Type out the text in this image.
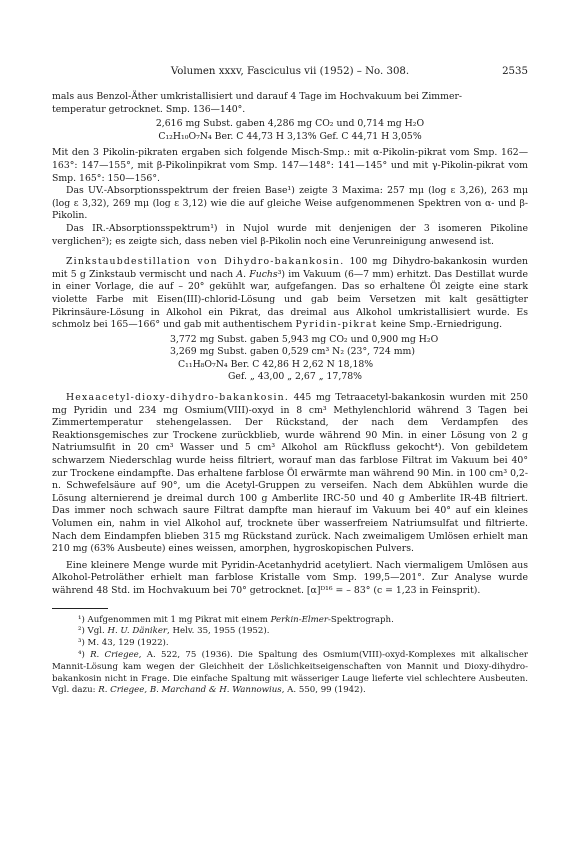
Volumen xxxv, Fasciculus vii (1952) – No. 308.	2535

mals aus Benzol-Äther umkristallisiert und darauf 4 Tage im Hochvakuum bei Zimmer-

temperatur getrocknet. Smp. 136—140°.

2,616 mg Subst. gaben 4,286 mg CO₂ und 0,714 mg H₂O
C₁₂H₁₀O₇N₄ Ber. C 44,73 H 3,13% Gef. C 44,71 H 3,05%

Mit den 3 Pikolin-pikraten ergaben sich folgende Misch-Smp.: mit α-Pikolin-pikrat vom Smp. 162—163°: 147—155°, mit β-Pikolinpikrat vom Smp. 147—148°: 141—145° und mit γ-Pikolin-pikrat vom Smp. 165°: 150—156°.

Das UV.-Absorptionsspektrum der freien Base¹) zeigte 3 Maxima: 257 mμ (log ε 3,26), 263 mμ (log ε 3,32), 269 mμ (log ε 3,12) wie die auf gleiche Weise aufgenommenen Spektren von α- und β-Pikolin.

Das IR.-Absorptionsspektrum¹) in Nujol wurde mit denjenigen der 3 isomeren Pikoline verglichen²); es zeigte sich, dass neben viel β-Pikolin noch eine Verunreinigung anwesend ist.

Zinkstaubdestillation von Dihydro-bakankosin. 100 mg Dihydro-bakankosin wurden mit 5 g Zinkstaub vermischt und nach A. Fuchs³) im Vakuum (6—7 mm) erhitzt. Das Destillat wurde in einer Vorlage, die auf – 20° gekühlt war, aufgefangen. Das so erhaltene Öl zeigte eine stark violette Farbe mit Eisen(III)-chlorid-Lösung und gab beim Versetzen mit kalt gesättigter Pikrinsäure-Lösung in Alkohol ein Pikrat, das dreimal aus Alkohol umkristallisiert wurde. Es schmolz bei 165—166° und gab mit authentischem Pyridin-pikrat keine Smp.-Erniedrigung.

3,772 mg Subst. gaben 5,943 mg CO₂ und 0,900 mg H₂O
3,269 mg Subst. gaben 0,529 cm³ N₂ (23°, 724 mm)
C₁₁H₈O₇N₄ Ber. C 42,86 H 2,62 N 18,18%
Gef. „ 43,00 „ 2,67 „ 17,78%

Hexaacetyl-dioxy-dihydro-bakankosin. 445 mg Tetraacetyl-bakankosin wurden mit 250 mg Pyridin und 234 mg Osmium(VIII)-oxyd in 8 cm³ Methylenchlorid während 3 Tagen bei Zimmertemperatur stehengelassen. Der Rückstand, der nach dem Verdampfen des Reaktionsgemisches zur Trockene zurückblieb, wurde während 90 Min. in einer Lösung von 2 g Natriumsulfit in 20 cm³ Wasser und 5 cm³ Alkohol am Rückfluss gekocht⁴). Von gebildetem schwarzem Niederschlag wurde heiss filtriert, worauf man das farblose Filtrat im Vakuum bei 40° zur Trockene eindampfte. Das erhaltene farblose Öl erwärmte man während 90 Min. in 100 cm³ 0,2-n. Schwefelsäure auf 90°, um die Acetyl-Gruppen zu verseifen. Nach dem Abkühlen wurde die Lösung alternierend je dreimal durch 100 g Amberlite IRC-50 und 40 g Amberlite IR-4B filtriert. Das immer noch schwach saure Filtrat dampfte man hierauf im Vakuum bei 40° auf ein kleines Volumen ein, nahm in viel Alkohol auf, trocknete über wasserfreiem Natriumsulfat und filtrierte. Nach dem Eindampfen blieben 315 mg Rückstand zurück. Nach zweimaligem Umlösen erhielt man 210 mg (63% Ausbeute) eines weissen, amorphen, hygroskopischen Pulvers.

Eine kleinere Menge wurde mit Pyridin-Acetanhydrid acetyliert. Nach viermaligem Umlösen aus Alkohol-Petroläther erhielt man farblose Kristalle vom Smp. 199,5—201°. Zur Analyse wurde während 48 Std. im Hochvakuum bei 70° getrocknet. [α]ᴰ¹⁶ = – 83° (c = 1,23 in Feinsprit).

¹) Aufgenommen mit 1 mg Pikrat mit einem Perkin-Elmer-Spektrograph.

²) Vgl. H. U. Däniker, Helv. 35, 1955 (1952).

³) M. 43, 129 (1922).

⁴) R. Criegee, A. 522, 75 (1936). Die Spaltung des Osmium(VIII)-oxyd-Komplexes mit alkalischer Mannit-Lösung kam wegen der Gleichheit der Löslichkeitseigenschaften von Mannit und Dioxy-dihydro-bakankosin nicht in Frage. Die einfache Spaltung mit wässeriger Lauge lieferte viel schlechtere Ausbeuten. Vgl. dazu: R. Criegee, B. Marchand & H. Wannowius, A. 550, 99 (1942).
